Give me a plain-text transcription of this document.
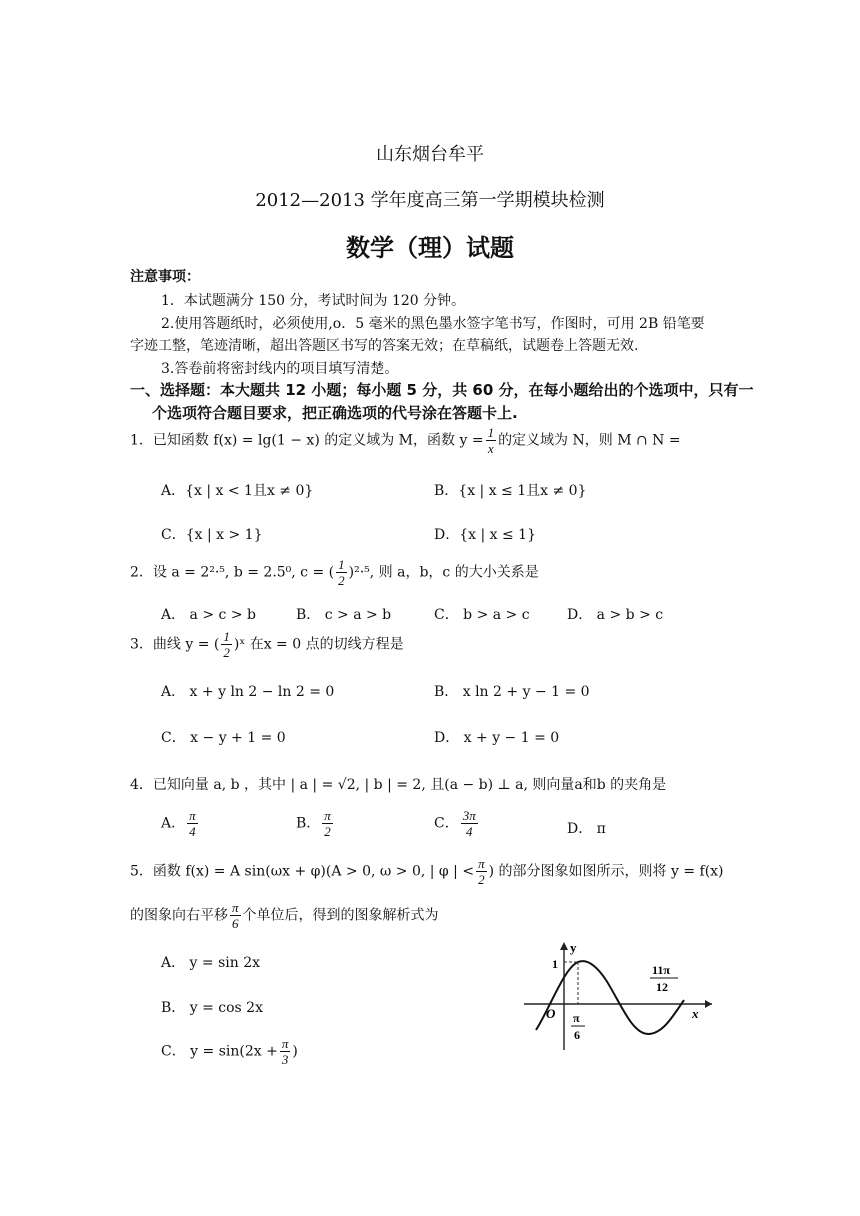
山东烟台牟平
2012—2013 学年度高三第一学期模块检测
数学（理）试题
注意事项：
1．本试题满分 150 分，考试时间为 120 分钟。
2.使用答题纸时，必须使用,o．5 毫米的黑色墨水签字笔书写，作图时，可用 2B 铅笔要
字迹工整，笔迹清晰，超出答题区书写的答案无效；在草稿纸，试题卷上答题无效.
3.答卷前将密封线内的项目填写清楚。
一、选择题：本大题共 12 小题；每小题 5 分，共 60 分，在每小题给出的个选项中，只有一
个选项符合题目要求，把正确选项的代号涂在答题卡上.
1．已知函数 f(x) = lg(1 − x) 的定义域为 M，函数 $y = \frac{1}{x}$ 的定义域为 N，则 M ∩ N =
A．{x | x < 1且x ≠ 0}	B．{x | x ≤ 1且x ≠ 0}
C．{x | x > 1}	D．{x | x ≤ 1}
2．设 a = 2²·⁵, b = 2.5⁰, c = ( $\frac{1}{2} )^2\cdot^5$, 则 a，b，c 的大小关系是
A． a > c > b	B． c > a > b	C． b > a > c	D． a > b > c
3．曲线 y = ( $\frac{1}{2}$ )ˣ 在x = 0 点的切线方程是
A． x + y ln 2 − ln 2 = 0	B． x ln 2 + y − 1 = 0
C． x − y + 1 = 0	D． x + y − 1 = 0
4．已知向量 a, b ，其中 | a | = √2, | b | = 2, 且(a − b) ⊥ a, 则向量a和b 的夹角是
A． $\frac{\pi}{4}$	B． $\frac{\pi}{2}$	C． $\frac{3\pi}{4}$	D． π
5．函数 f(x) = A sin(ωx + φ)(A > 0, ω > 0, | φ | < $\frac{\pi}{2}$ ) 的部分图象如图所示，则将 y = f(x)
的图象向右平移 $\frac{\pi}{6}$ 个单位后，得到的图象解析式为
A． y = sin 2x
B． y = cos 2x
C． $y = \sin(2x + \frac{\pi}{3}$ )
y
x
O
1
π
6
11π
12
